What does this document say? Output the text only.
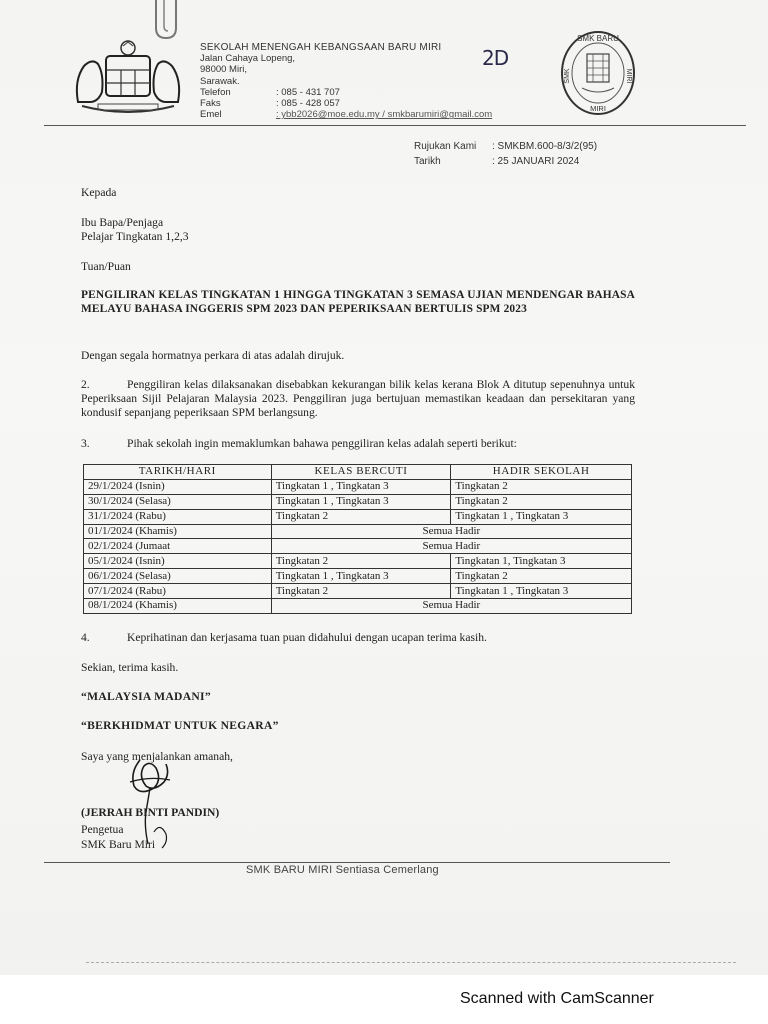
SEKOLAH MENENGAH KEBANGSAAN BARU MIRI
Jalan Cahaya Lopeng,
98000 Miri,
Sarawak.
Telefon	: 085 - 431 707
Faks	: 085 - 428 057
Emel	: ybb2026@moe.edu.my / smkbarumiri@gmail.com
2D
SMK BARU
SMK	MIRI
MIRI
Rujukan Kami : SMKBM.600-8/3/2(95)
Tarikh	: 25 JANUARI 2024
Kepada
Ibu Bapa/Penjaga
Pelajar Tingkatan 1,2,3
Tuan/Puan
PENGILIRAN KELAS TINGKATAN 1 HINGGA TINGKATAN 3 SEMASA UJIAN MENDENGAR BAHASA MELAYU BAHASA INGGERIS SPM 2023 DAN PEPERIKSAAN BERTULIS SPM 2023
Dengan segala hormatnya perkara di atas adalah dirujuk.
2.	Penggiliran kelas dilaksanakan disebabkan kekurangan bilik kelas kerana Blok A ditutup sepenuhnya untuk Peperiksaan Sijil Pelajaran Malaysia 2023. Penggiliran juga bertujuan memastikan keadaan dan persekitaran yang kondusif sepanjang peperiksaan SPM berlangsung.
3.	Pihak sekolah ingin memaklumkan bahawa penggiliran kelas adalah seperti berikut:
TARIKH/HARI	KELAS BERCUTI	HADIR SEKOLAH
29/1/2024 (Isnin)	Tingkatan 1 , Tingkatan 3	Tingkatan 2
30/1/2024 (Selasa)	Tingkatan 1 , Tingkatan 3	Tingkatan 2
31/1/2024 (Rabu)	Tingkatan 2	Tingkatan 1 , Tingkatan 3
01/1/2024 (Khamis)	Semua Hadir	
02/1/2024 (Jumaat	Semua Hadir	
05/1/2024 (Isnin)	Tingkatan 2	Tingkatan 1, Tingkatan 3
06/1/2024 (Selasa)	Tingkatan 1 , Tingkatan 3	Tingkatan 2
07/1/2024 (Rabu)	Tingkatan 2	Tingkatan 1 , Tingkatan 3
08/1/2024 (Khamis)	Semua Hadir	
4.	Keprihatinan dan kerjasama tuan puan didahului dengan ucapan terima kasih.
Sekian, terima kasih.
“MALAYSIA MADANI”
“BERKHIDMAT UNTUK NEGARA”
Saya yang menjalankan amanah,
(JERRAH BINTI PANDIN)
Pengetua
SMK Baru Miri
SMK BARU MIRI Sentiasa Cemerlang
Scanned with CamScanner
